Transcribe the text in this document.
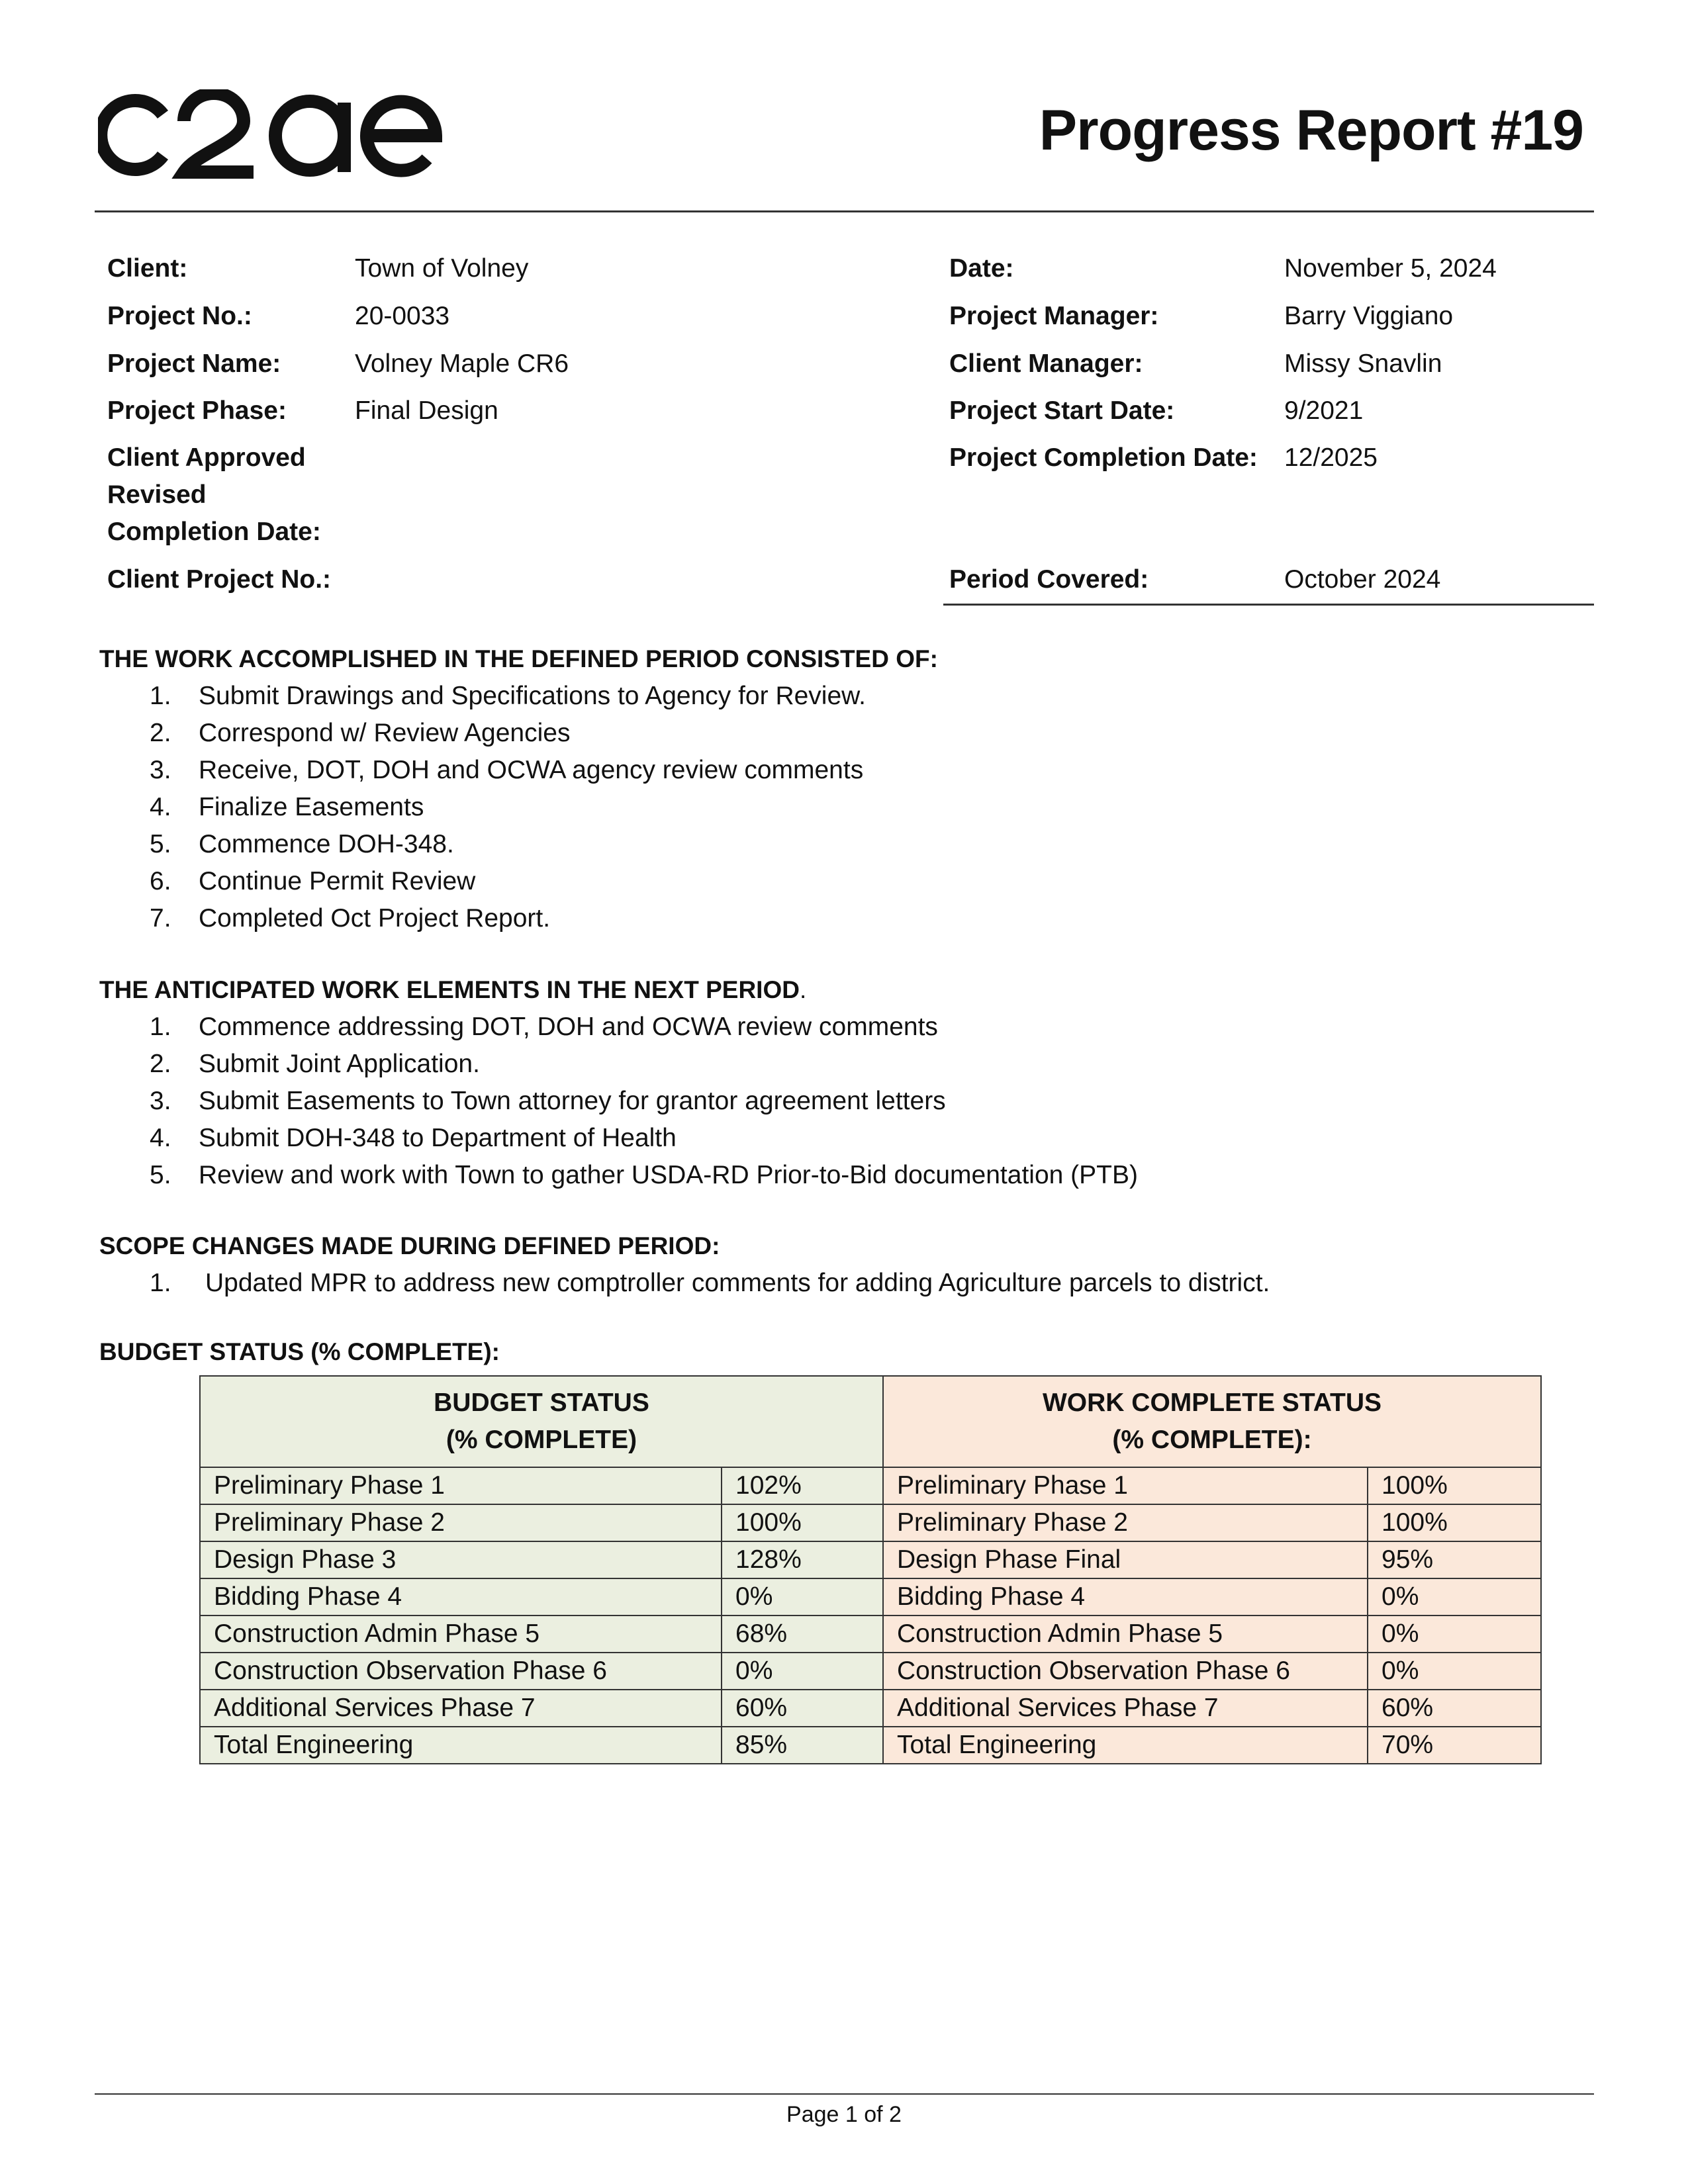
Progress Report #19
Client:	Town of Volney
Project No.:	20-0033
Project Name:	Volney Maple CR6
Project Phase:	Final Design
Client Approved Revised Completion Date:
Client Project No.:
Date:	November 5, 2024
Project Manager:	Barry Viggiano
Client Manager:	Missy Snavlin
Project Start Date:	9/2021
Project Completion Date: 12/2025
Period Covered:	October 2024
THE WORK ACCOMPLISHED IN THE DEFINED PERIOD CONSISTED OF:
1. Submit Drawings and Specifications to Agency for Review.
2. Correspond w/ Review Agencies
3. Receive, DOT, DOH and OCWA agency review comments
4. Finalize Easements
5. Commence DOH-348.
6. Continue Permit Review
7. Completed Oct Project Report.
THE ANTICIPATED WORK ELEMENTS IN THE NEXT PERIOD.
1. Commence addressing DOT, DOH and OCWA review comments
2. Submit Joint Application.
3. Submit Easements to Town attorney for grantor agreement letters
4. Submit DOH-348 to Department of Health
5. Review and work with Town to gather USDA-RD Prior-to-Bid documentation (PTB)
SCOPE CHANGES MADE DURING DEFINED PERIOD:
1. Updated MPR to address new comptroller comments for adding Agriculture parcels to district.
BUDGET STATUS (% COMPLETE):
BUDGET STATUS
(% COMPLETE)		WORK COMPLETE STATUS
(% COMPLETE):	
Preliminary Phase 1	102%	Preliminary Phase 1	100%
Preliminary Phase 2	100%	Preliminary Phase 2	100%
Design Phase 3	128%	Design Phase Final	95%
Bidding Phase 4	0%	Bidding Phase 4	0%
Construction Admin Phase 5	68%	Construction Admin Phase 5	0%
Construction Observation Phase 6	0%	Construction Observation Phase 6	0%
Additional Services Phase 7	60%	Additional Services Phase 7	60%
Total Engineering	85%	Total Engineering	70%
Page 1 of 2
